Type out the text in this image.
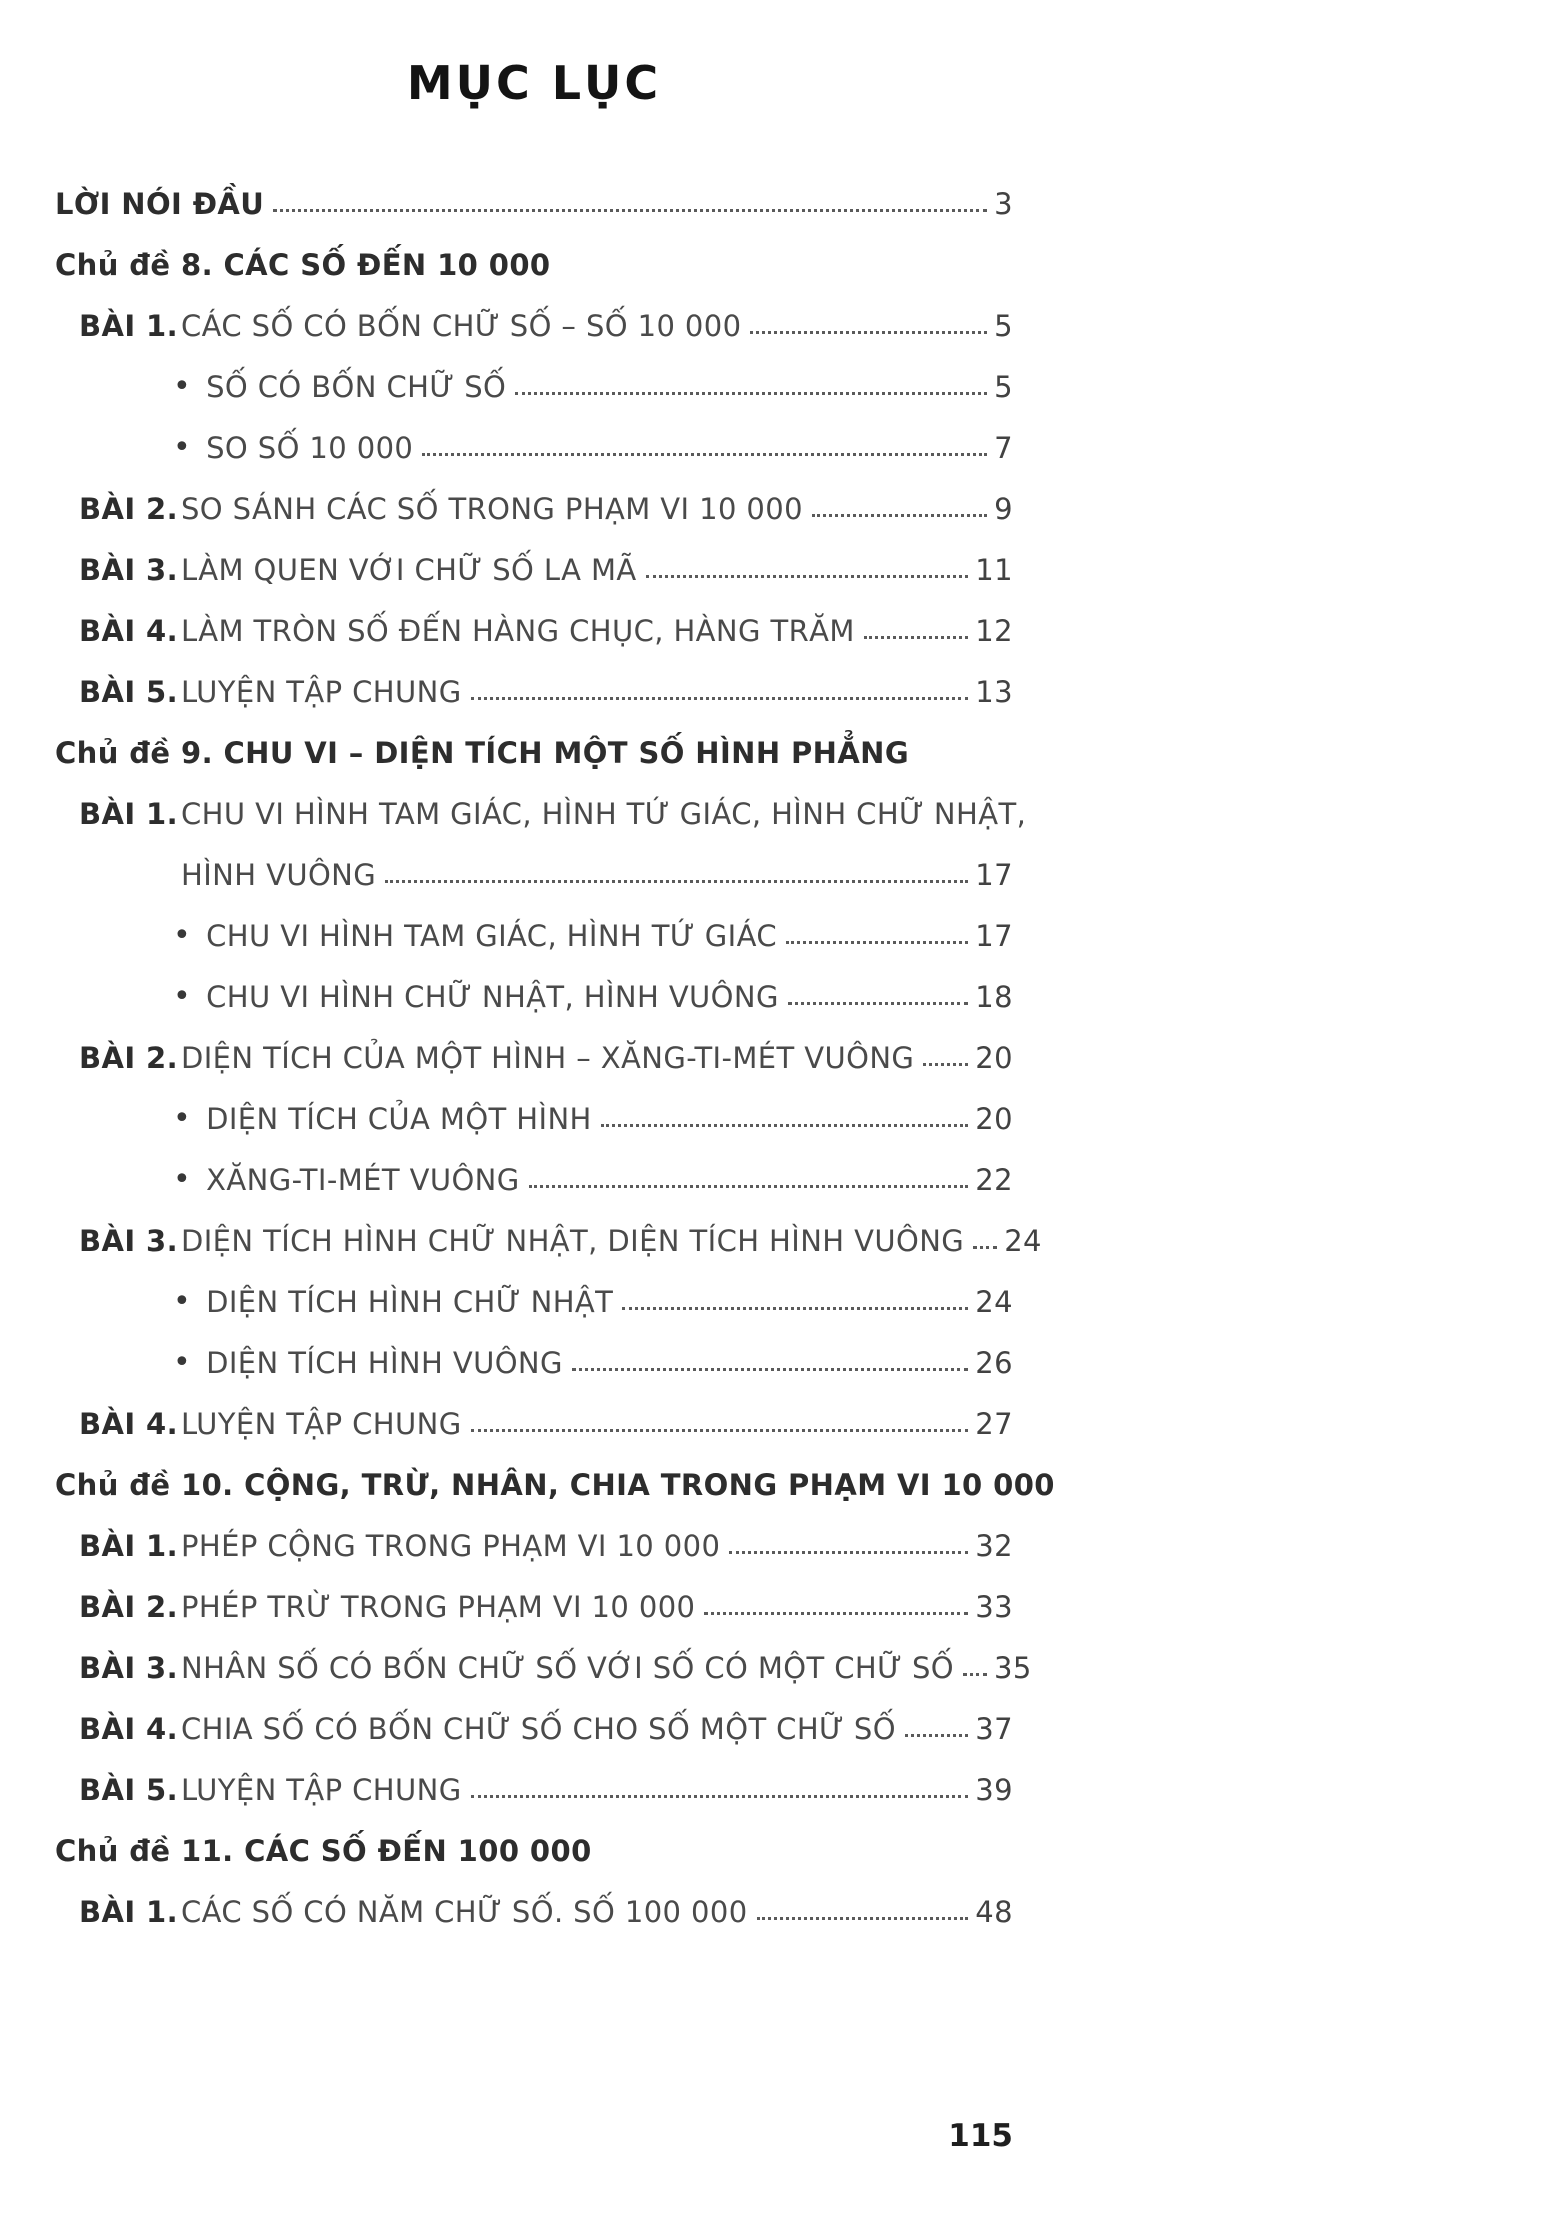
MỤC LỤC
LỜI NÓI ĐẦU	3
Chủ đề 8. CÁC SỐ ĐẾN 10 000
BÀI 1. CÁC SỐ CÓ BỐN CHỮ SỐ – SỐ 10 000	5
• SỐ CÓ BỐN CHỮ SỐ	5
• SO SỐ 10 000	7
BÀI 2. SO SÁNH CÁC SỐ TRONG PHẠM VI 10 000	9
BÀI 3. LÀM QUEN VỚI CHỮ SỐ LA MÃ	11
BÀI 4. LÀM TRÒN SỐ ĐẾN HÀNG CHỤC, HÀNG TRĂM	12
BÀI 5. LUYỆN TẬP CHUNG	13
Chủ đề 9. CHU VI – DIỆN TÍCH MỘT SỐ HÌNH PHẲNG
BÀI 1. CHU VI HÌNH TAM GIÁC, HÌNH TỨ GIÁC, HÌNH CHỮ NHẬT,
HÌNH VUÔNG	17
• CHU VI HÌNH TAM GIÁC, HÌNH TỨ GIÁC	17
• CHU VI HÌNH CHỮ NHẬT, HÌNH VUÔNG	18
BÀI 2. DIỆN TÍCH CỦA MỘT HÌNH – XĂNG-TI-MÉT VUÔNG 20
• DIỆN TÍCH CỦA MỘT HÌNH	20
• XĂNG-TI-MÉT VUÔNG	22
BÀI 3. DIỆN TÍCH HÌNH CHỮ NHẬT, DIỆN TÍCH HÌNH VUÔNG 24
• DIỆN TÍCH HÌNH CHỮ NHẬT	24
• DIỆN TÍCH HÌNH VUÔNG	26
BÀI 4. LUYỆN TẬP CHUNG	27
Chủ đề 10. CỘNG, TRỪ, NHÂN, CHIA TRONG PHẠM VI 10 000
BÀI 1. PHÉP CỘNG TRONG PHẠM VI 10 000	32
BÀI 2. PHÉP TRỪ TRONG PHẠM VI 10 000	33
BÀI 3. NHÂN SỐ CÓ BỐN CHỮ SỐ VỚI SỐ CÓ MỘT CHỮ SỐ 35
BÀI 4. CHIA SỐ CÓ BỐN CHỮ SỐ CHO SỐ MỘT CHỮ SỐ	37
BÀI 5. LUYỆN TẬP CHUNG	39
Chủ đề 11. CÁC SỐ ĐẾN 100 000
BÀI 1. CÁC SỐ CÓ NĂM CHỮ SỐ. SỐ 100 000	48
115
